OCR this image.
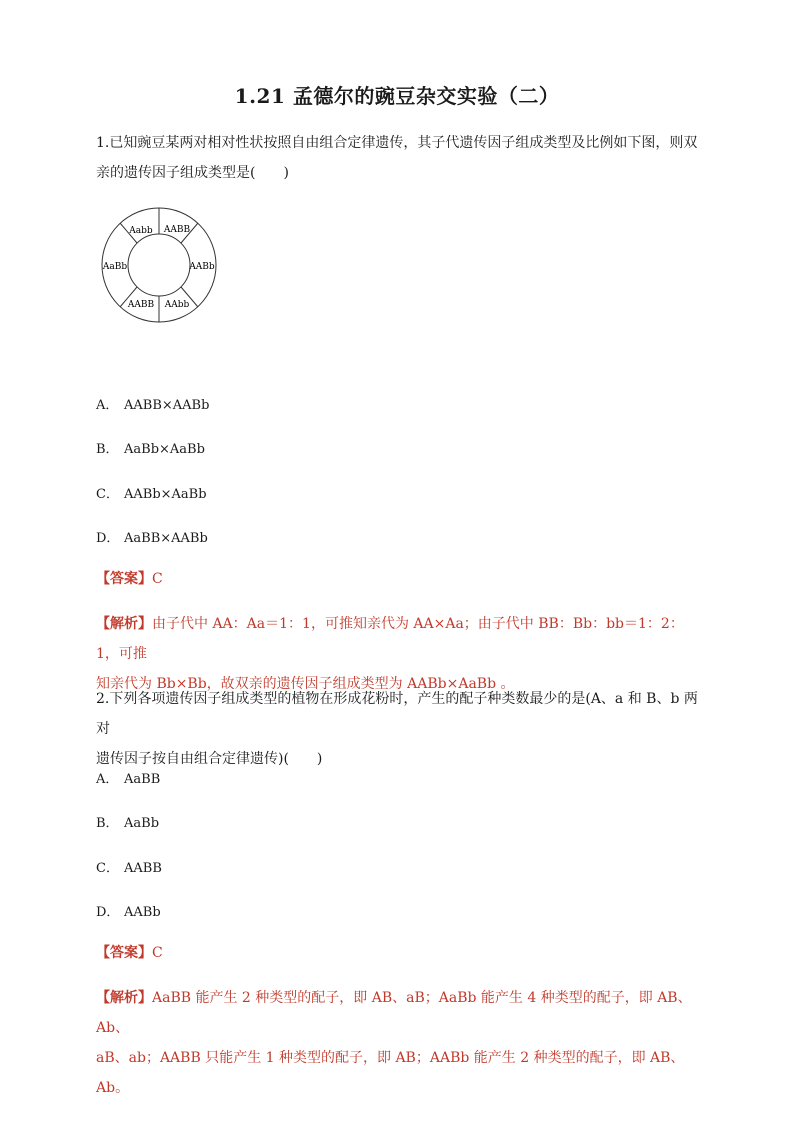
1.21 孟德尔的豌豆杂交实验（二）
1.已知豌豆某两对相对性状按照自由组合定律遗传，其子代遗传因子组成类型及比例如下图，则双
亲的遗传因子组成类型是(　　)
Aabb AABB
AaBb	AABb
AABB AAbb
A． AABB×AABb
B． AaBb×AaBb
C． AABb×AaBb
D． AaBB×AABb
【答案】C
【解析】由子代中 AA：Aa＝1：1，可推知亲代为 AA×Aa；由子代中 BB：Bb：bb＝1：2：1，可推
知亲代为 Bb×Bb，故双亲的遗传因子组成类型为 AABb×AaBb 。
2.下列各项遗传因子组成类型的植物在形成花粉时，产生的配子种类数最少的是(A、a 和 B、b 两对
遗传因子按自由组合定律遗传)(　　)
A． AaBB
B． AaBb
C． AABB
D． AABb
【答案】C
【解析】AaBB 能产生 2 种类型的配子，即 AB、aB；AaBb 能产生 4 种类型的配子，即 AB、Ab、
aB、ab；AABB 只能产生 1 种类型的配子，即 AB；AABb 能产生 2 种类型的配子，即 AB、Ab。
